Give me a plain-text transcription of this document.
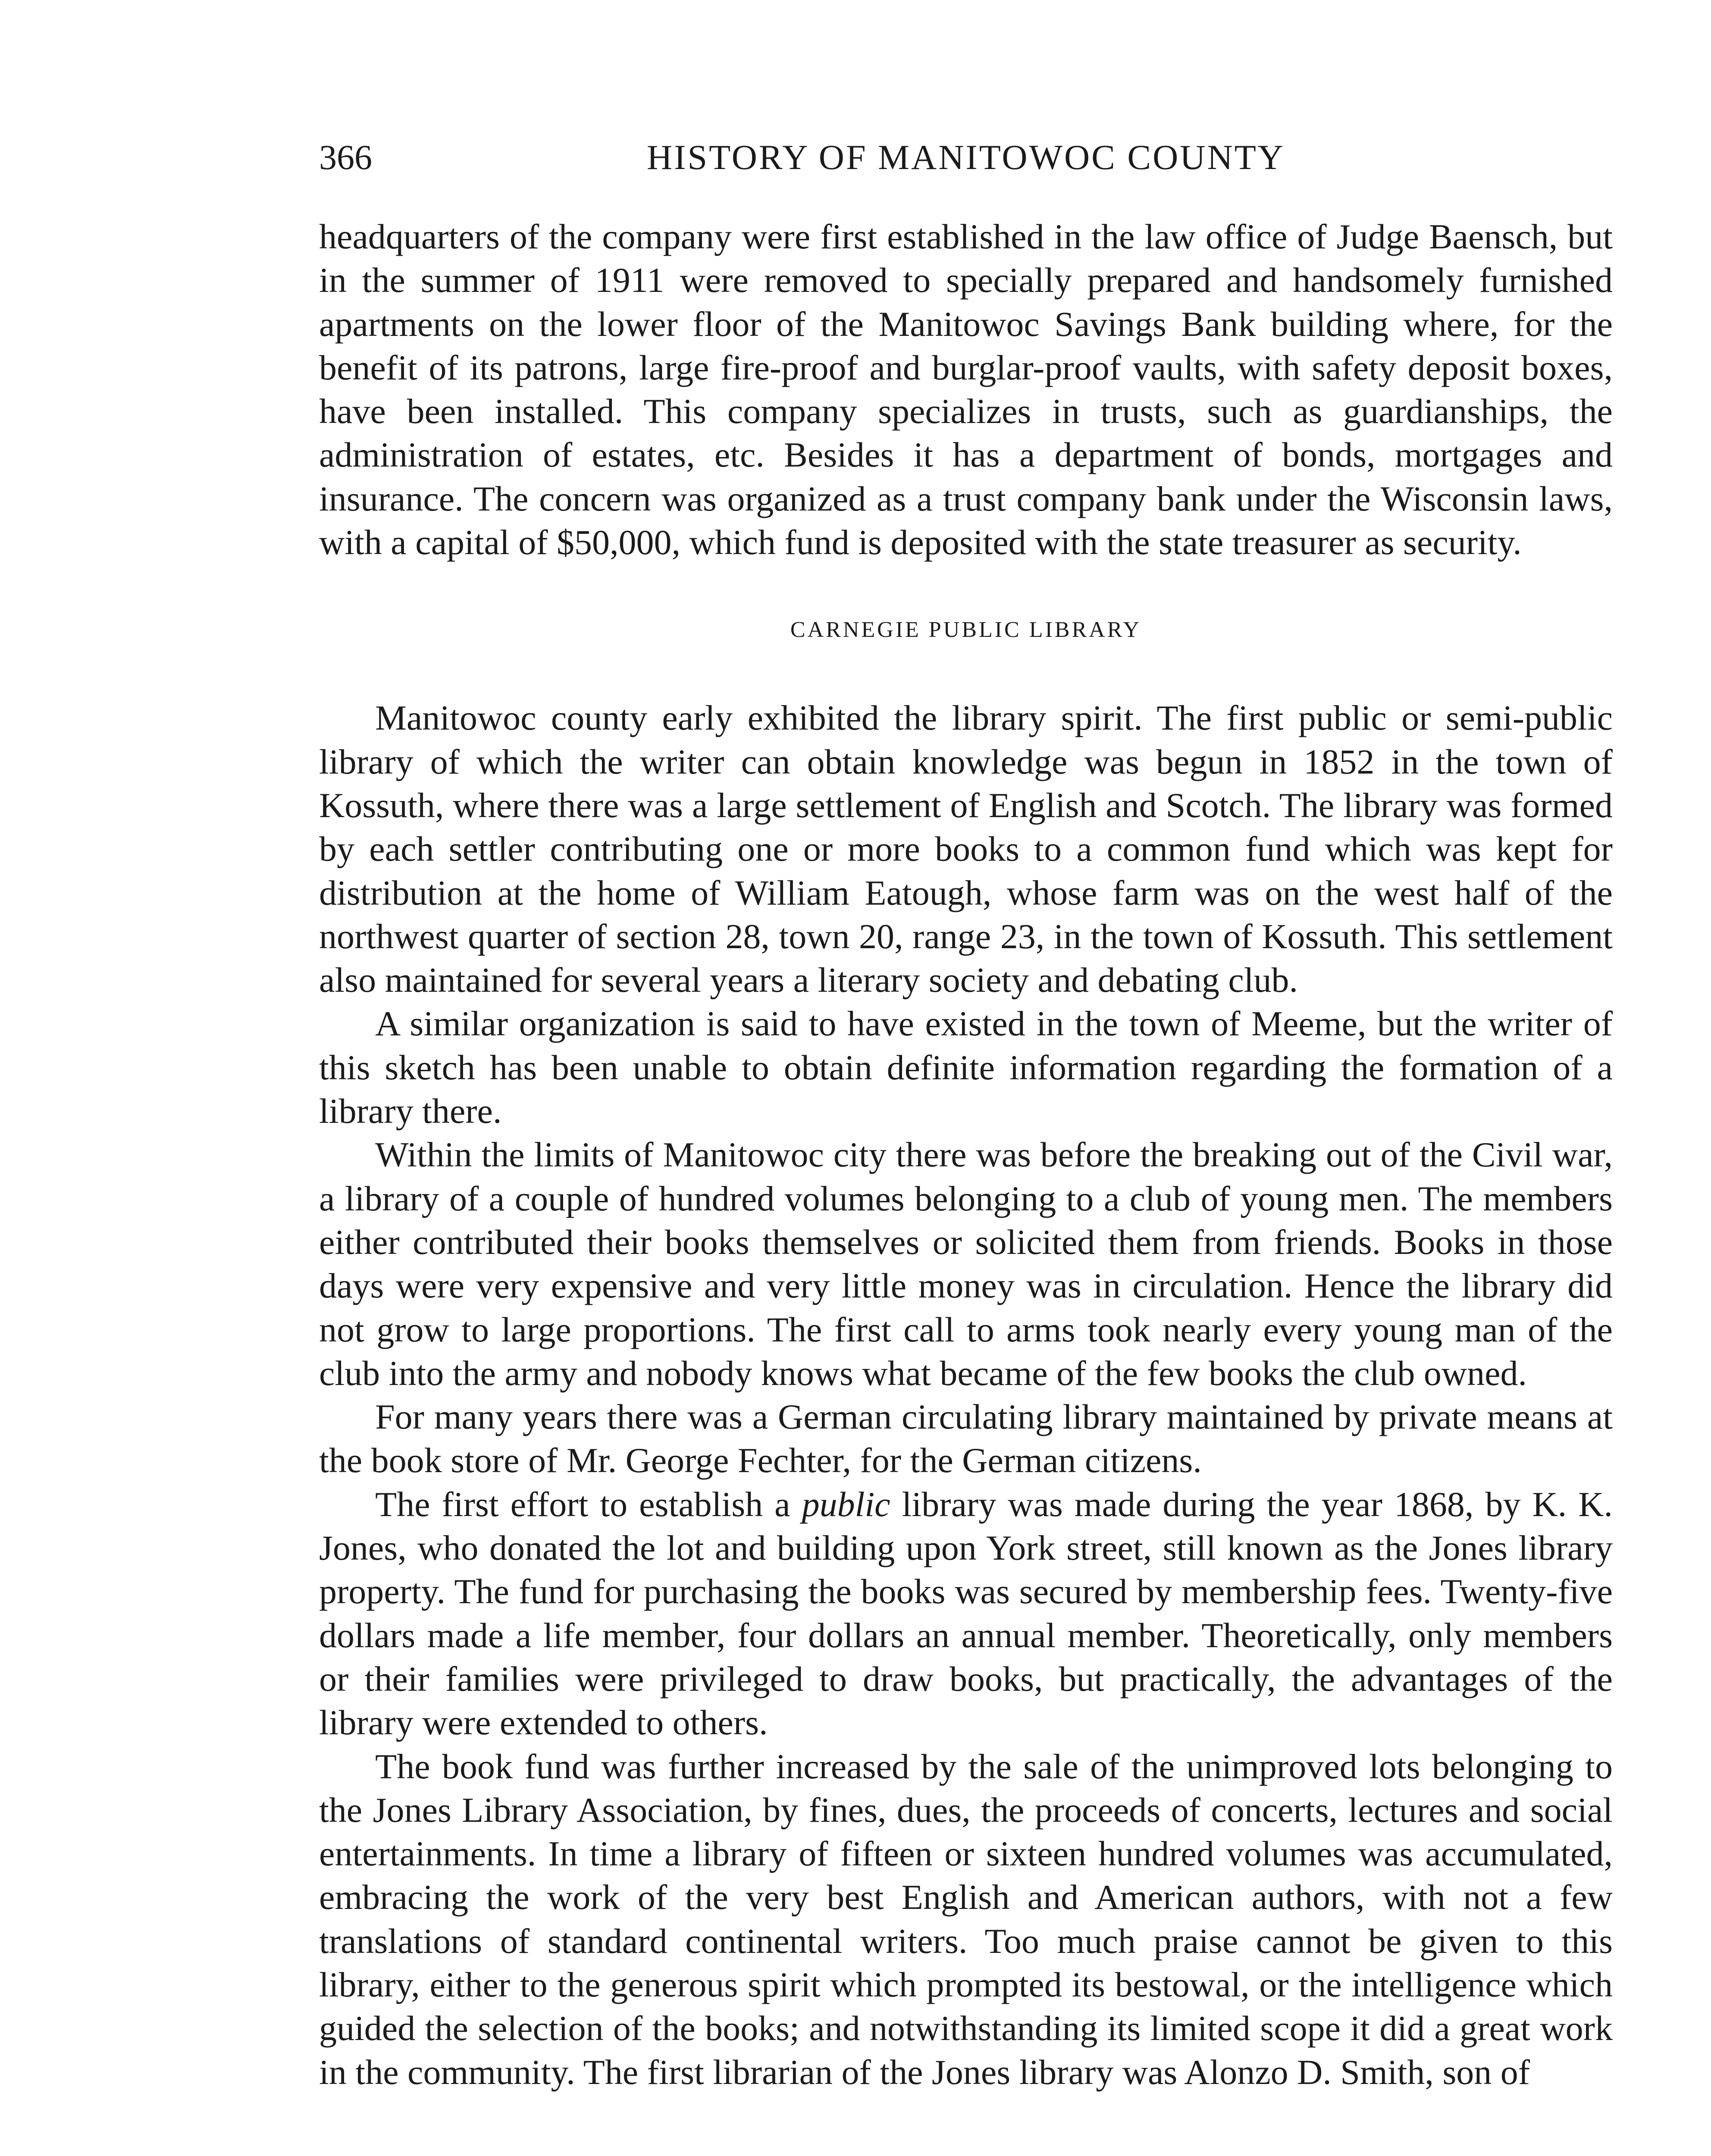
366	HISTORY OF MANITOWOC COUNTY

headquarters of the company were first established in the law office of Judge Baensch, but in the summer of 1911 were removed to specially prepared and handsomely furnished apartments on the lower floor of the Manitowoc Savings Bank building where, for the benefit of its patrons, large fire-proof and burglar-proof vaults, with safety deposit boxes, have been installed. This company specializes in trusts, such as guardianships, the administration of estates, etc. Besides it has a department of bonds, mortgages and insurance. The concern was organized as a trust company bank under the Wisconsin laws, with a capital of $50,000, which fund is deposited with the state treasurer as security.

CARNEGIE PUBLIC LIBRARY

Manitowoc county early exhibited the library spirit. The first public or semi-public library of which the writer can obtain knowledge was begun in 1852 in the town of Kossuth, where there was a large settlement of English and Scotch. The library was formed by each settler contributing one or more books to a common fund which was kept for distribution at the home of William Eatough, whose farm was on the west half of the northwest quarter of section 28, town 20, range 23, in the town of Kossuth. This settlement also maintained for several years a literary society and debating club.

A similar organization is said to have existed in the town of Meeme, but the writer of this sketch has been unable to obtain definite information regarding the formation of a library there.

Within the limits of Manitowoc city there was before the breaking out of the Civil war, a library of a couple of hundred volumes belonging to a club of young men. The members either contributed their books themselves or solicited them from friends. Books in those days were very expensive and very little money was in circulation. Hence the library did not grow to large proportions. The first call to arms took nearly every young man of the club into the army and nobody knows what became of the few books the club owned.

For many years there was a German circulating library maintained by private means at the book store of Mr. George Fechter, for the German citizens.

The first effort to establish a public library was made during the year 1868, by K. K. Jones, who donated the lot and building upon York street, still known as the Jones library property. The fund for purchasing the books was secured by membership fees. Twenty-five dollars made a life member, four dollars an annual member. Theoretically, only members or their families were privileged to draw books, but practically, the advantages of the library were extended to others.

The book fund was further increased by the sale of the unimproved lots belonging to the Jones Library Association, by fines, dues, the proceeds of concerts, lectures and social entertainments. In time a library of fifteen or sixteen hundred volumes was accumulated, embracing the work of the very best English and American authors, with not a few translations of standard continental writers. Too much praise cannot be given to this library, either to the generous spirit which prompted its bestowal, or the intelligence which guided the selection of the books; and notwithstanding its limited scope it did a great work in the community. The first librarian of the Jones library was Alonzo D. Smith, son of
